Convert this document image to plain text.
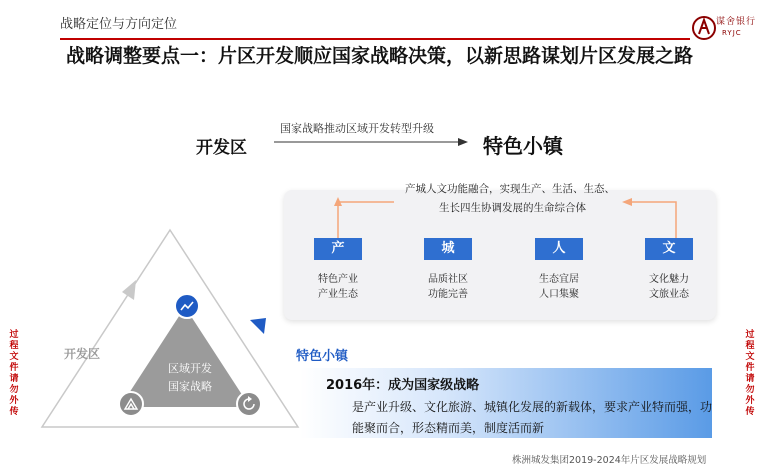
战略定位与方向定位	谋舍银行
RYJC
战略调整要点一：片区开发顺应国家战略决策，以新思路谋划片区发展之路
开发区
国家战略推动区域开发转型升级
特色小镇
产城人文功能融合，实现生产、生活、生态、
生长四生协调发展的生命综合体
产	城	人	文
特色产业
产业生态
品质社区
功能完善
生态宜居
人口集聚
文化魅力
文旅业态
开发区
区域开发
国家战略
特色小镇
2016年：成为国家级战略
是产业升级、文化旅游、城镇化发展的新载体，要求产业特而强，功能聚而合，形态精而美，制度活而新
过程文件 请勿外传
过程文件 请勿外传
株洲城发集团2019-2024年片区发展战略规划
